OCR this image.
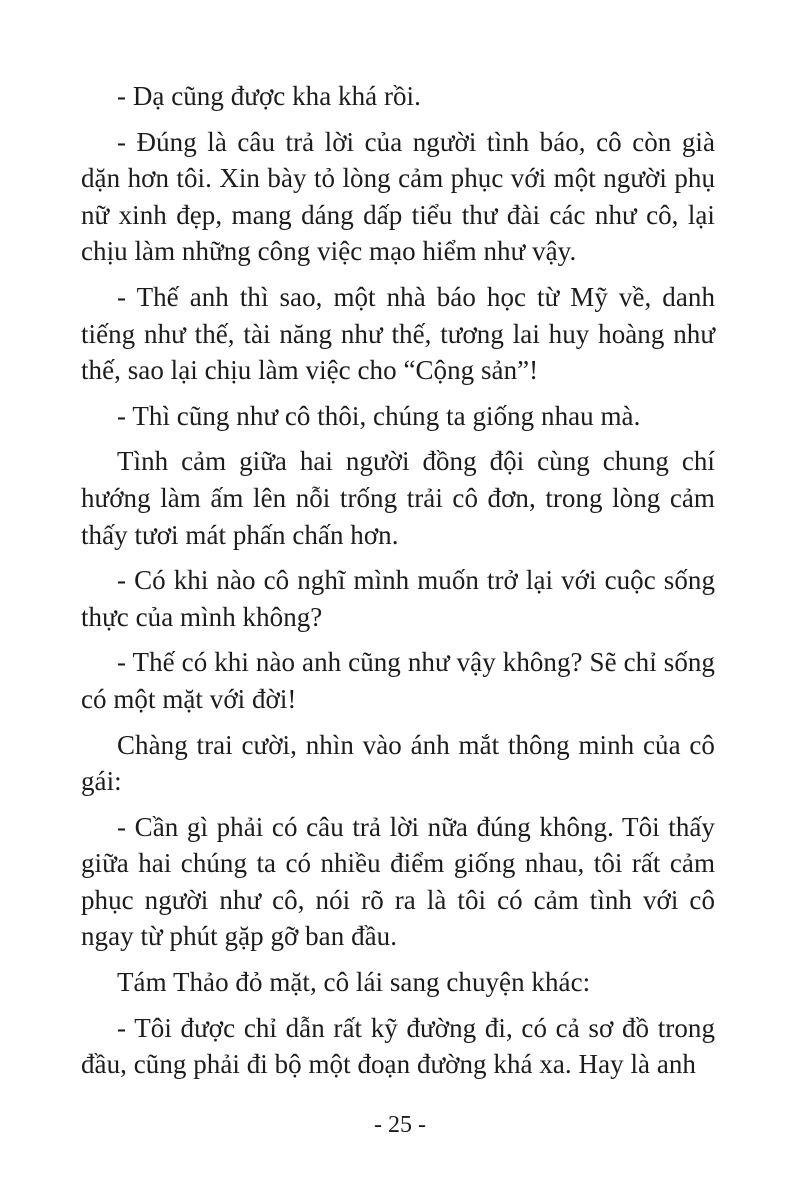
- Dạ cũng được kha khá rồi.

- Đúng là câu trả lời của người tình báo, cô còn già dặn hơn tôi. Xin bày tỏ lòng cảm phục với một người phụ nữ xinh đẹp, mang dáng dấp tiểu thư đài các như cô, lại chịu làm những công việc mạo hiểm như vậy.

- Thế anh thì sao, một nhà báo học từ Mỹ về, danh tiếng như thế, tài năng như thế, tương lai huy hoàng như thế, sao lại chịu làm việc cho “Cộng sản”!

- Thì cũng như cô thôi, chúng ta giống nhau mà.

Tình cảm giữa hai người đồng đội cùng chung chí hướng làm ấm lên nỗi trống trải cô đơn, trong lòng cảm thấy tươi mát phấn chấn hơn.

- Có khi nào cô nghĩ mình muốn trở lại với cuộc sống thực của mình không?

- Thế có khi nào anh cũng như vậy không? Sẽ chỉ sống có một mặt với đời!

Chàng trai cười, nhìn vào ánh mắt thông minh của cô gái:

- Cần gì phải có câu trả lời nữa đúng không. Tôi thấy giữa hai chúng ta có nhiều điểm giống nhau, tôi rất cảm phục người như cô, nói rõ ra là tôi có cảm tình với cô ngay từ phút gặp gỡ ban đầu.

Tám Thảo đỏ mặt, cô lái sang chuyện khác:

- Tôi được chỉ dẫn rất kỹ đường đi, có cả sơ đồ trong đầu, cũng phải đi bộ một đoạn đường khá xa. Hay là anh

- 25 -
